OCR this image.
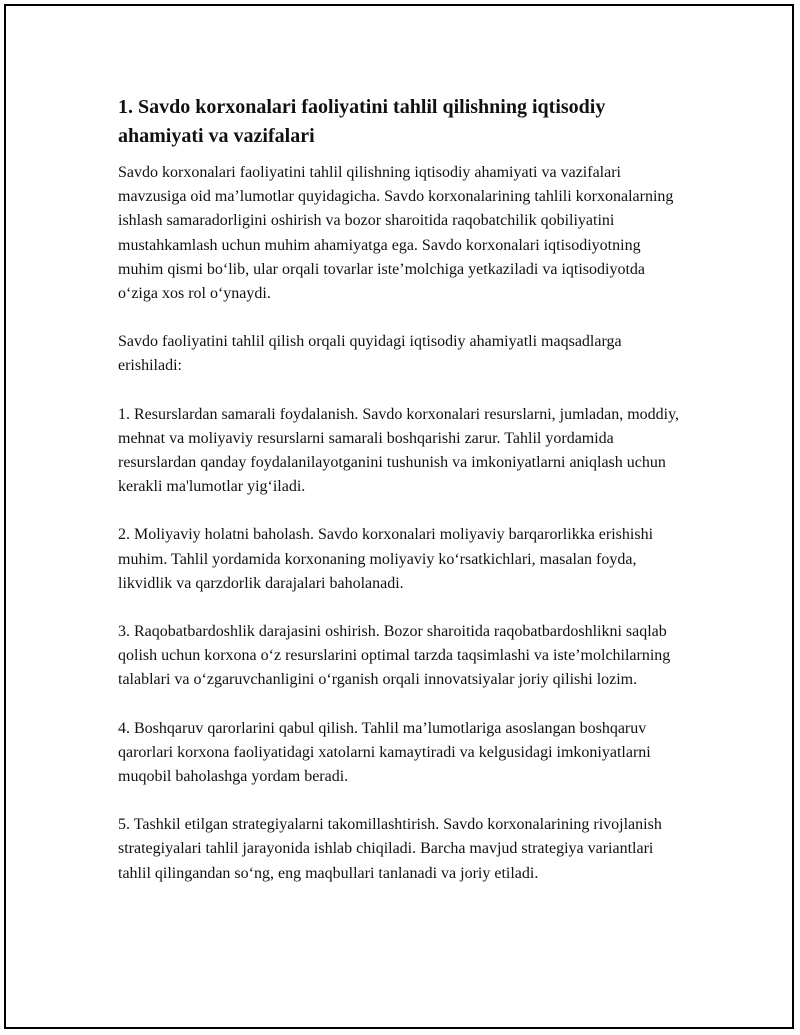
1. Savdo korxonalari faoliyatini tahlil qilishning iqtisodiy ahamiyati va vazifalari

Savdo korxonalari faoliyatini tahlil qilishning iqtisodiy ahamiyati va vazifalari mavzusiga oid ma’lumotlar quyidagicha. Savdo korxonalarining tahlili korxonalarning ishlash samaradorligini oshirish va bozor sharoitida raqobatchilik qobiliyatini mustahkamlash uchun muhim ahamiyatga ega. Savdo korxonalari iqtisodiyotning muhim qismi boʻlib, ular orqali tovarlar iste’molchiga yetkaziladi va iqtisodiyotda oʻziga xos rol oʻynaydi.

Savdo faoliyatini tahlil qilish orqali quyidagi iqtisodiy ahamiyatli maqsadlarga erishiladi:

1. Resurslardan samarali foydalanish. Savdo korxonalari resurslarni, jumladan, moddiy, mehnat va moliyaviy resurslarni samarali boshqarishi zarur. Tahlil yordamida resurslardan qanday foydalanilayotganini tushunish va imkoniyatlarni aniqlash uchun kerakli ma'lumotlar yigʻiladi.

2. Moliyaviy holatni baholash. Savdo korxonalari moliyaviy barqarorlikka erishishi muhim. Tahlil yordamida korxonaning moliyaviy koʻrsatkichlari, masalan foyda, likvidlik va qarzdorlik darajalari baholanadi.

3. Raqobatbardoshlik darajasini oshirish. Bozor sharoitida raqobatbardoshlikni saqlab qolish uchun korxona oʻz resurslarini optimal tarzda taqsimlashi va iste’molchilarning talablari va oʻzgaruvchanligini oʻrganish orqali innovatsiyalar joriy qilishi lozim.

4. Boshqaruv qarorlarini qabul qilish. Tahlil ma’lumotlariga asoslangan boshqaruv qarorlari korxona faoliyatidagi xatolarni kamaytiradi va kelgusidagi imkoniyatlarni muqobil baholashga yordam beradi.

5. Tashkil etilgan strategiyalarni takomillashtirish. Savdo korxonalarining rivojlanish strategiyalari tahlil jarayonida ishlab chiqiladi. Barcha mavjud strategiya variantlari tahlil qilingandan soʻng, eng maqbullari tanlanadi va joriy etiladi.
